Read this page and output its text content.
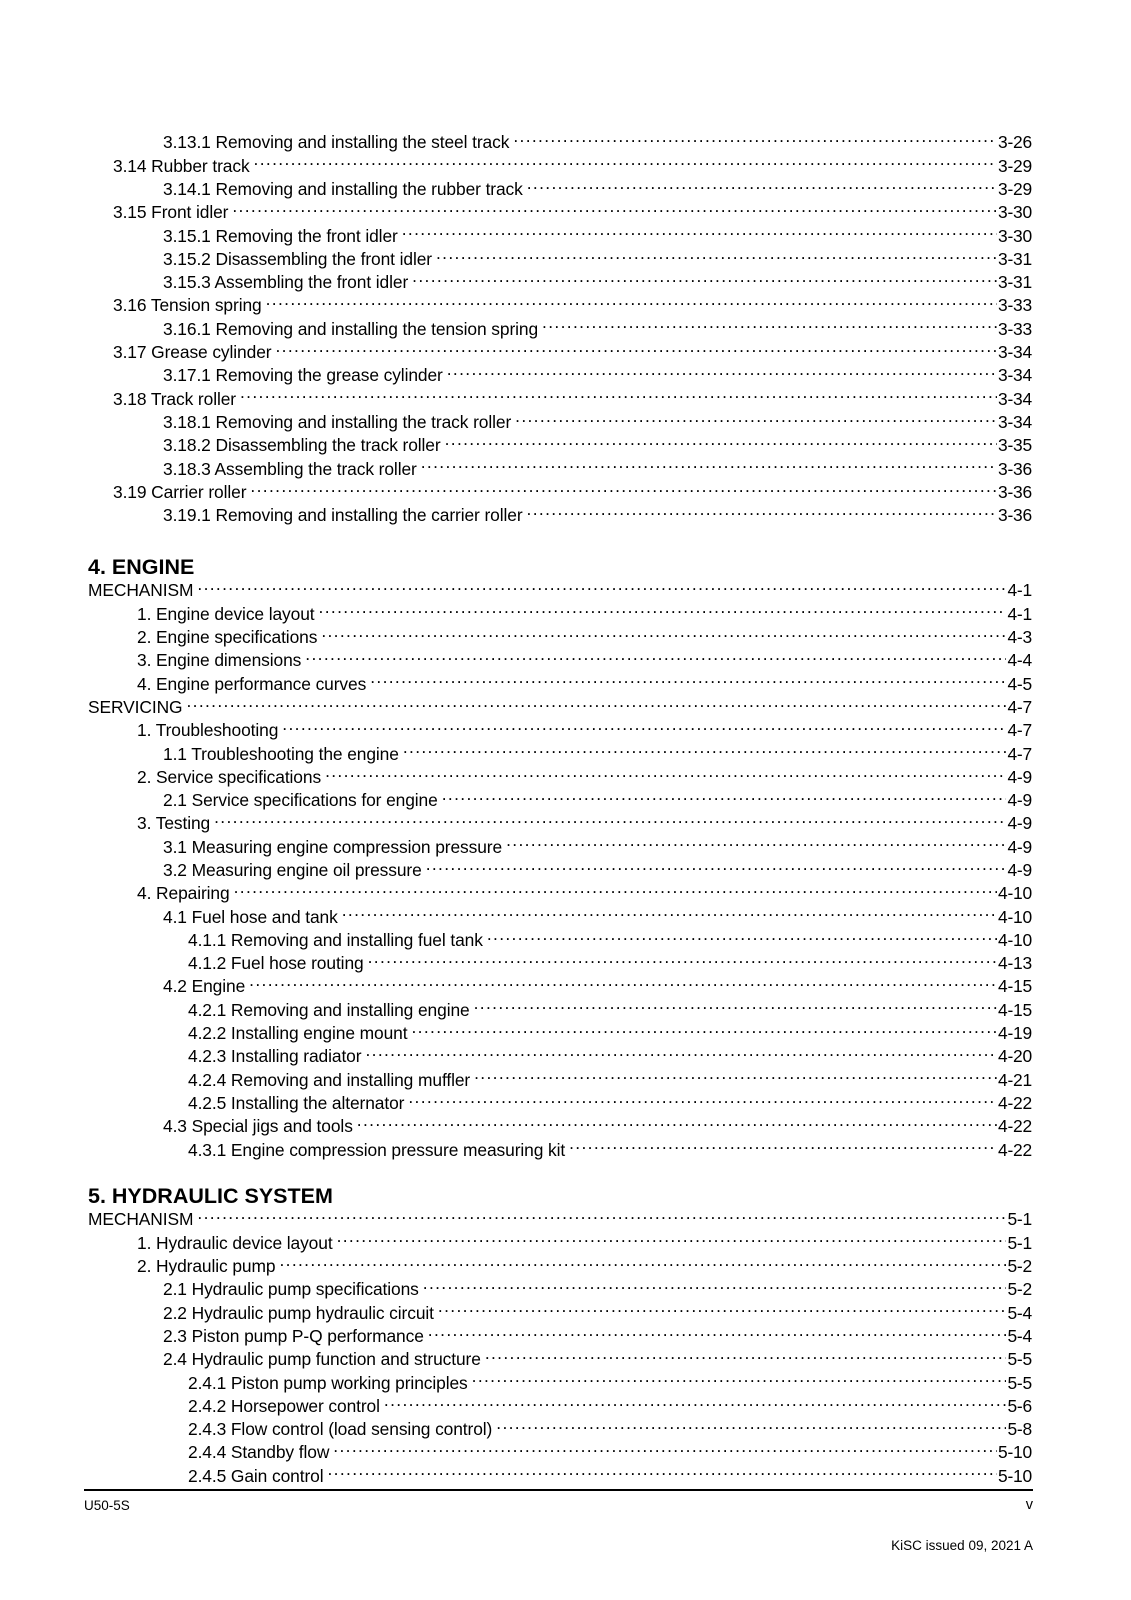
3.13.1 Removing and installing the steel track .....	3-26
3.14 Rubber track .....	3-29
3.14.1 Removing and installing the rubber track .....	3-29
3.15 Front idler .....	3-30
3.15.1 Removing the front idler .....	3-30
3.15.2 Disassembling the front idler .....	3-31
3.15.3 Assembling the front idler .....	3-31
3.16 Tension spring .....	3-33
3.16.1 Removing and installing the tension spring .....	3-33
3.17 Grease cylinder .....	3-34
3.17.1 Removing the grease cylinder .....	3-34
3.18 Track roller .....	3-34
3.18.1 Removing and installing the track roller .....	3-34
3.18.2 Disassembling the track roller .....	3-35
3.18.3 Assembling the track roller .....	3-36
3.19 Carrier roller .....	3-36
3.19.1 Removing and installing the carrier roller .....	3-36
4. ENGINE
MECHANISM .....	4-1
1. Engine device layout .....	4-1
2. Engine specifications .....	4-3
3. Engine dimensions .....	4-4
4. Engine performance curves .....	4-5
SERVICING .....	4-7
1. Troubleshooting .....	4-7
1.1 Troubleshooting the engine .....	4-7
2. Service specifications .....	4-9
2.1 Service specifications for engine .....	4-9
3. Testing .....	4-9
3.1 Measuring engine compression pressure .....	4-9
3.2 Measuring engine oil pressure .....	4-9
4. Repairing .....	4-10
4.1 Fuel hose and tank .....	4-10
4.1.1 Removing and installing fuel tank .....	4-10
4.1.2 Fuel hose routing .....	4-13
4.2 Engine .....	4-15
4.2.1 Removing and installing engine .....	4-15
4.2.2 Installing engine mount .....	4-19
4.2.3 Installing radiator .....	4-20
4.2.4 Removing and installing muffler .....	4-21
4.2.5 Installing the alternator .....	4-22
4.3 Special jigs and tools .....	4-22
4.3.1 Engine compression pressure measuring kit .....	4-22
5. HYDRAULIC SYSTEM
MECHANISM .....	5-1
1. Hydraulic device layout .....	5-1
2. Hydraulic pump .....	5-2
2.1 Hydraulic pump specifications .....	5-2
2.2 Hydraulic pump hydraulic circuit .....	5-4
2.3 Piston pump P-Q performance .....	5-4
2.4 Hydraulic pump function and structure .....	5-5
2.4.1 Piston pump working principles .....	5-5
2.4.2 Horsepower control .....	5-6
2.4.3 Flow control (load sensing control) .....	5-8
2.4.4 Standby flow .....	5-10
2.4.5 Gain control .....	5-10
U50-5S	v
KiSC issued 09, 2021 A
